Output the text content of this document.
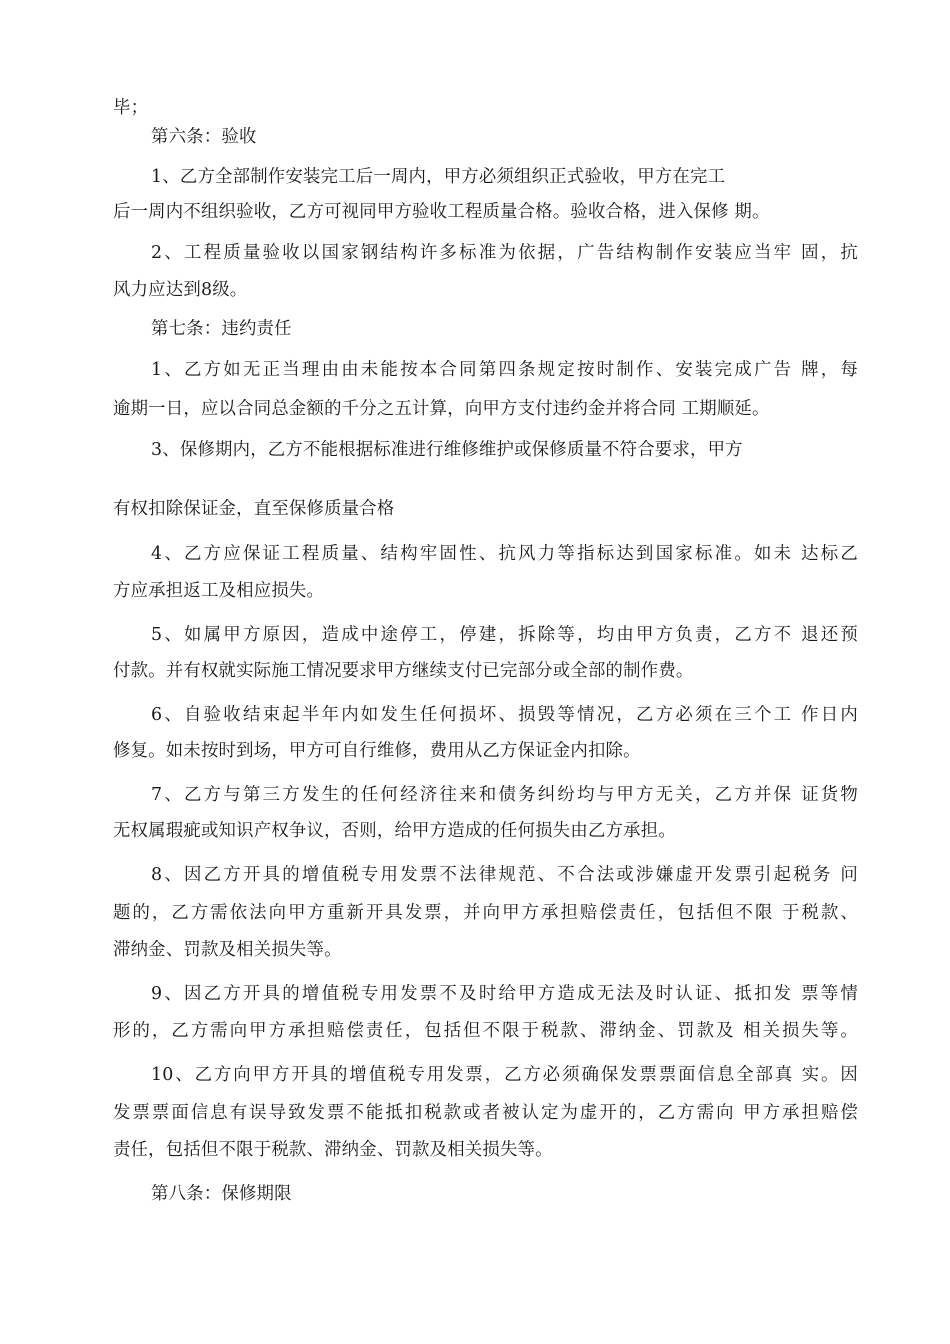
毕；
第六条：验收
1、乙方全部制作安装完工后一周内，甲方必须组织正式验收，甲方在完工
后一周内不组织验收，乙方可视同甲方验收工程质量合格。验收合格，进入保修 期。
2、工程质量验收以国家钢结构许多标准为依据，广告结构制作安装应当牢 固，抗
风力应达到8级。
第七条：违约责任
1、乙方如无正当理由由未能按本合同第四条规定按时制作、安装完成广告 牌，每
逾期一日，应以合同总金额的千分之五计算，向甲方支付违约金并将合同 工期顺延。
3、保修期内，乙方不能根据标准进行维修维护或保修质量不符合要求，甲方
有权扣除保证金，直至保修质量合格
4、乙方应保证工程质量、结构牢固性、抗风力等指标达到国家标准。如未 达标乙
方应承担返工及相应损失。
5、如属甲方原因，造成中途停工，停建，拆除等，均由甲方负责，乙方不 退还预
付款。并有权就实际施工情况要求甲方继续支付已完部分或全部的制作费。
6、自验收结束起半年内如发生任何损坏、损毁等情况，乙方必须在三个工 作日内
修复。如未按时到场，甲方可自行维修，费用从乙方保证金内扣除。
7、乙方与第三方发生的任何经济往来和债务纠纷均与甲方无关，乙方并保 证货物
无权属瑕疵或知识产权争议，否则，给甲方造成的任何损失由乙方承担。
8、因乙方开具的增值税专用发票不法律规范、不合法或涉嫌虚开发票引起税务 问
题的，乙方需依法向甲方重新开具发票，并向甲方承担赔偿责任，包括但不限 于税款、
滞纳金、罚款及相关损失等。
9、因乙方开具的增值税专用发票不及时给甲方造成无法及时认证、抵扣发 票等情
形的，乙方需向甲方承担赔偿责任，包括但不限于税款、滞纳金、罚款及 相关损失等。
10、乙方向甲方开具的增值税专用发票，乙方必须确保发票票面信息全部真 实。因
发票票面信息有误导致发票不能抵扣税款或者被认定为虚开的，乙方需向 甲方承担赔偿
责任，包括但不限于税款、滞纳金、罚款及相关损失等。
第八条：保修期限
